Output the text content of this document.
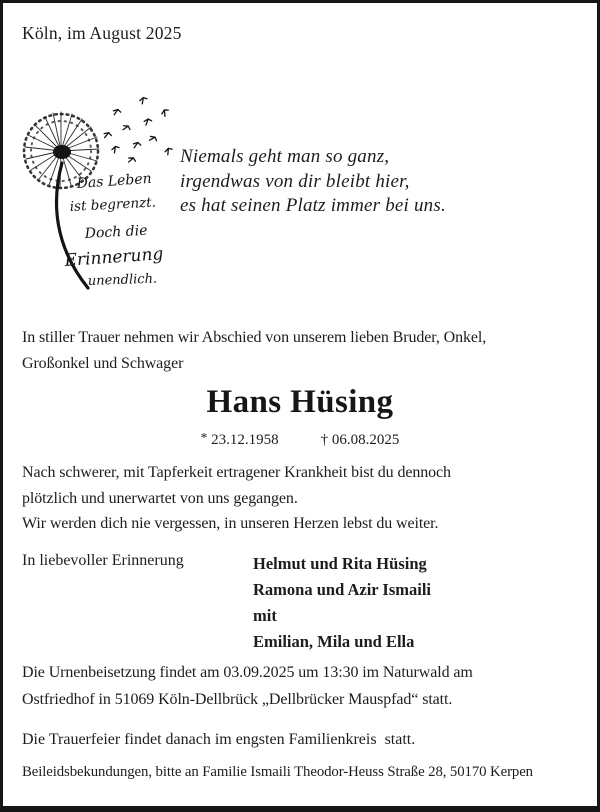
Köln, im August 2025
Das Leben
ist begrenzt.
Doch die
Erinnerung
unendlich.
Niemals geht man so ganz,
irgendwas von dir bleibt hier,
es hat seinen Platz immer bei uns.
In stiller Trauer nehmen wir Abschied von unserem lieben Bruder, Onkel,
Großonkel und Schwager
Hans Hüsing
* 23.12.1958	† 06.08.2025
Nach schwerer, mit Tapferkeit ertragener Krankheit bist du dennoch
plötzlich und unerwartet von uns gegangen.
Wir werden dich nie vergessen, in unseren Herzen lebst du weiter.
In liebevoller Erinnerung	Helmut und Rita Hüsing
Ramona und Azir Ismaili
mit
Emilian, Mila und Ella
Die Urnenbeisetzung findet am 03.09.2025 um 13:30 im Naturwald am
Ostfriedhof in 51069 Köln-Dellbrück „Dellbrücker Mauspfad“ statt.
Die Trauerfeier findet danach im engsten Familienkreis  statt.
Beileidsbekundungen, bitte an Familie Ismaili Theodor-Heuss Straße 28, 50170 Kerpen
